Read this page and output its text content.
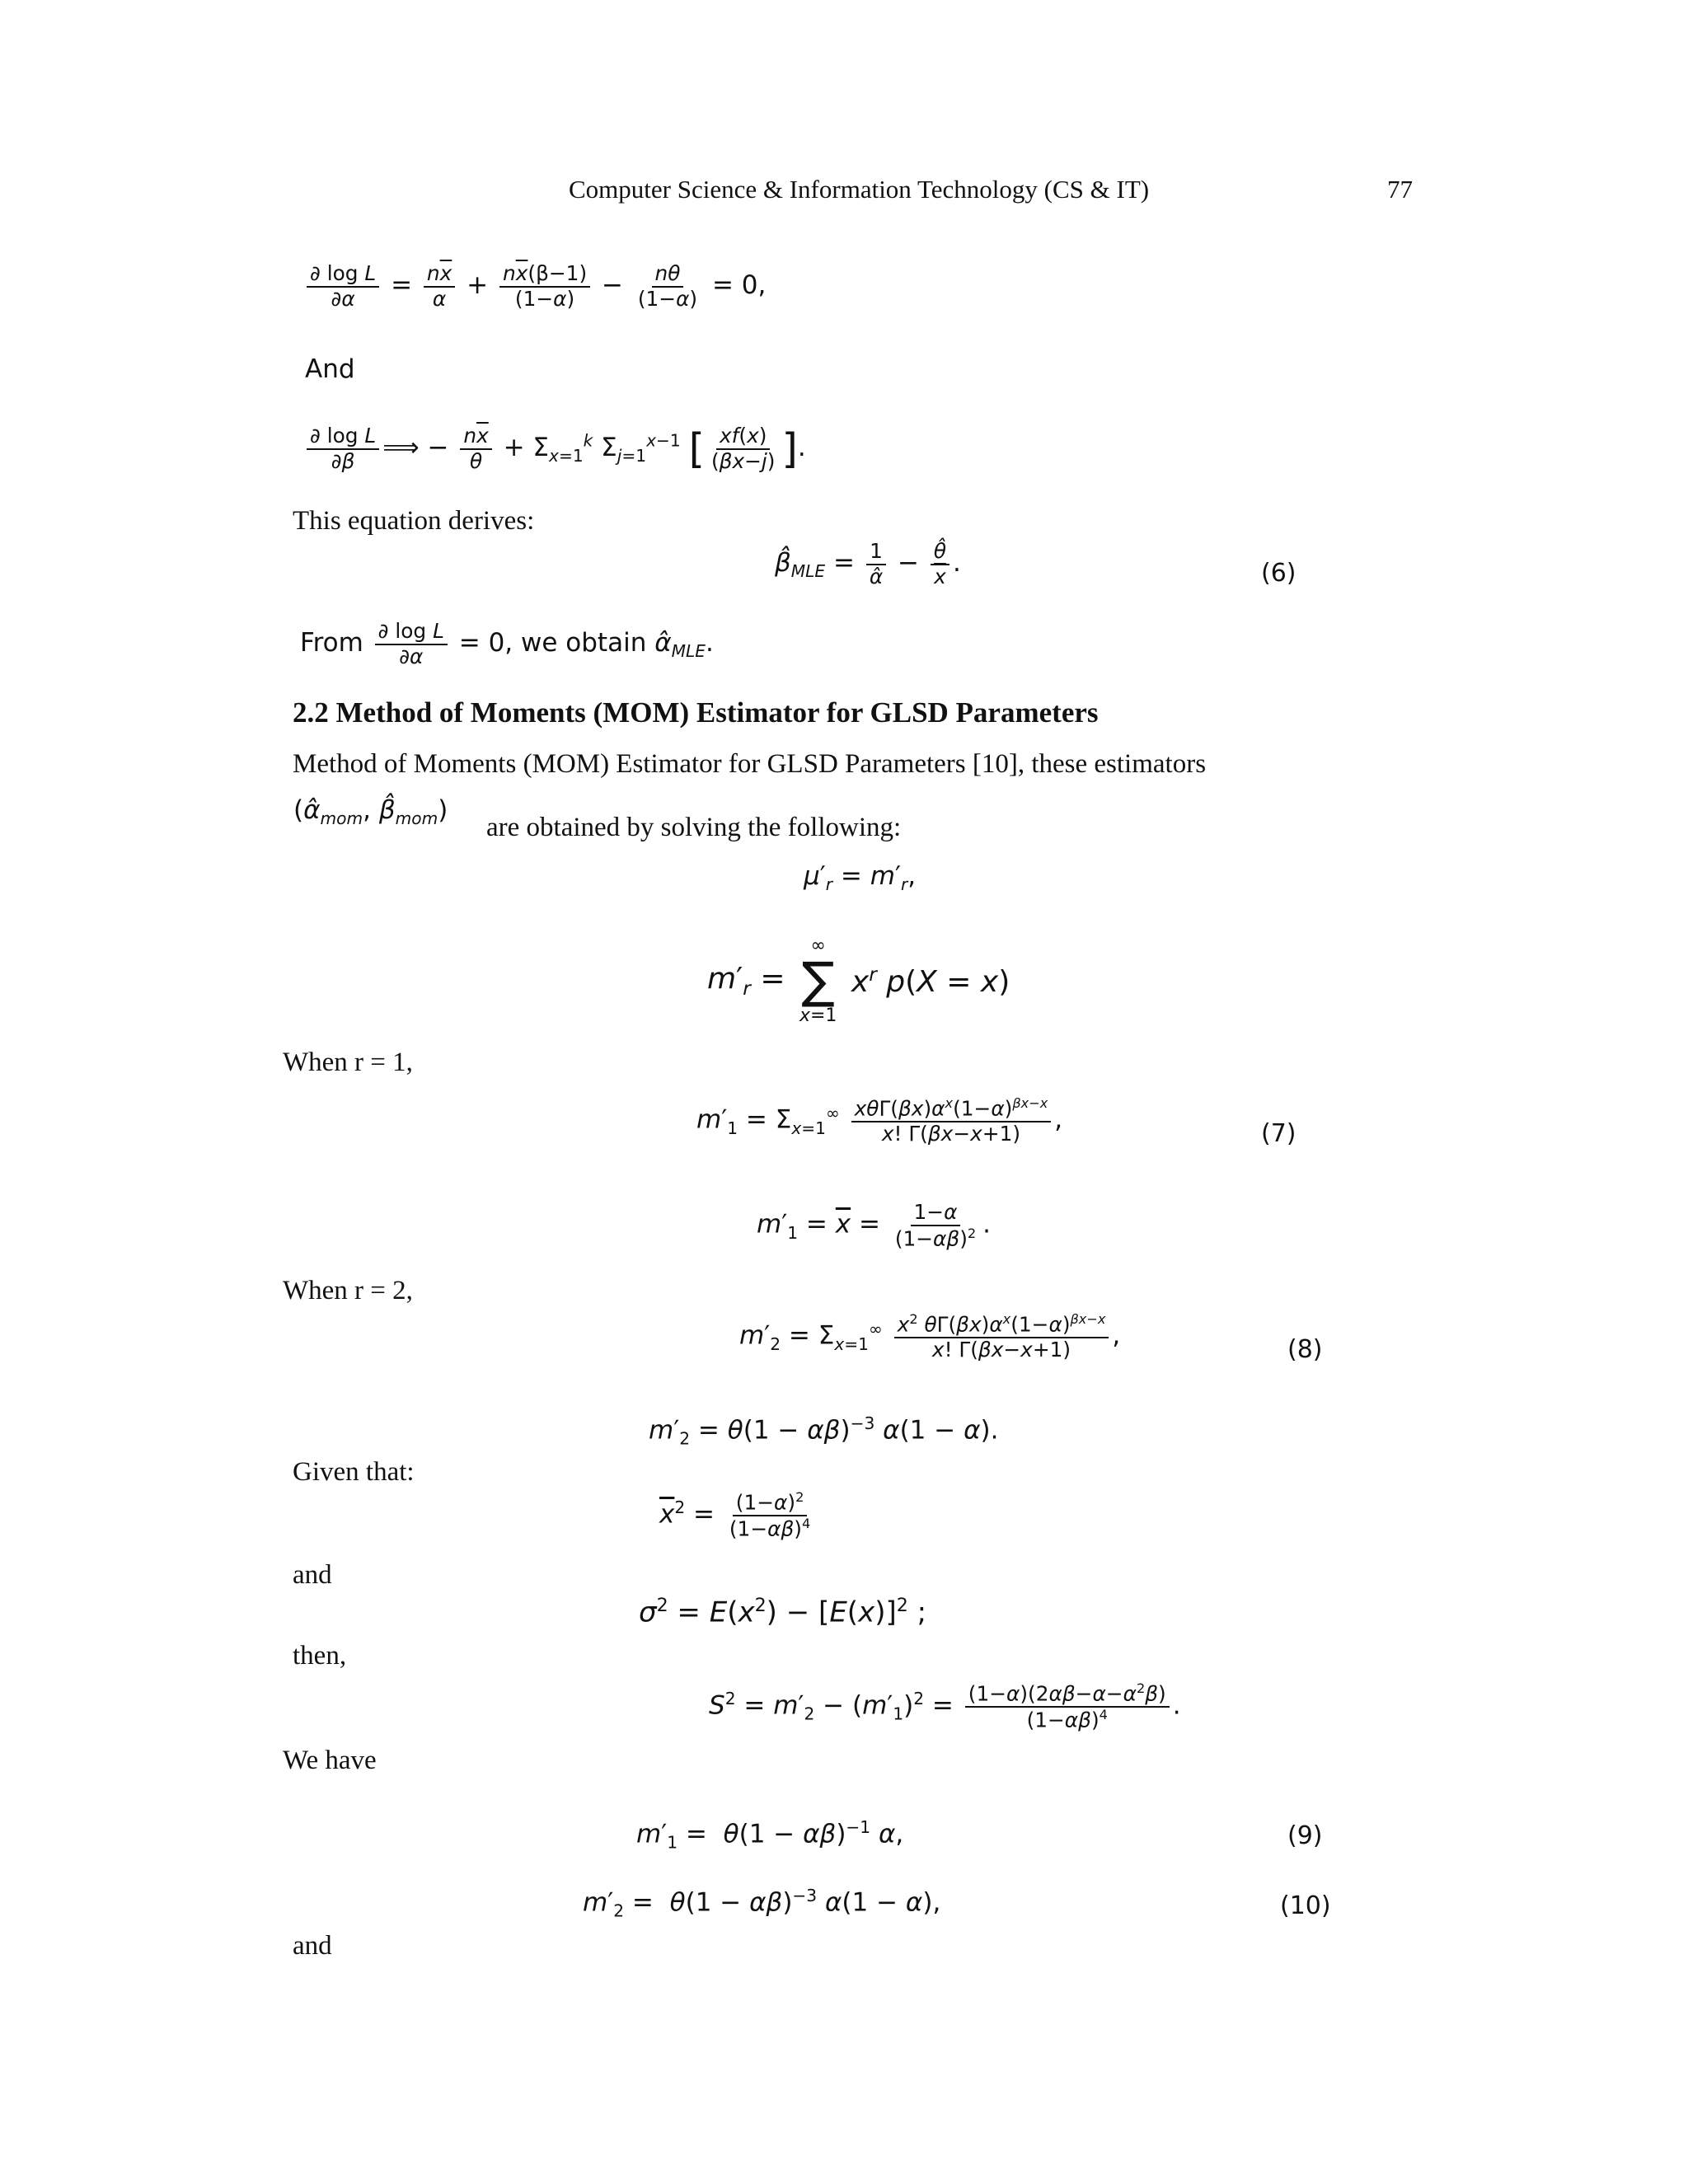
Computer Science & Information Technology (CS & IT)	77
$\frac{\text{∂ log L}}{\partial\alpha} = \frac{n\overline{x}}{\alpha} + \frac{n\overline{x}(\beta-1)}{(1-\alpha)} - \frac{n\theta}{(1-\alpha)} = 0$,
And
$\frac{\text{∂ log L}}{\partial\beta}$ ⟹ − $\frac{n\overline{x}}{\theta} + \Sigma_{x=1}^k$ $\Sigma_{j=1}^{x-1}$ [ $\frac{xf(x)}{(\beta x-j)}$ ].
This equation derives:
$\betâ_{MLE} = \frac{1}{\alphâ} - \frac{\thetâ}{x}$ .	(6)
From $\frac{\text{∂ log L}}{\partial\alpha} = 0$, we obtain $\alphâ_{MLE}$.
2.2 Method of Moments (MOM) Estimator for GLSD Parameters
Method of Moments (MOM) Estimator for GLSD Parameters [10], these estimators
($\alphâ_{mom}$, $\betâ_{mom}$)
are obtained by solving the following:
$\mu'_r = m'_r$,
$m'_r$ =
∞
∑
x=1
$x^r$ p(X = x)
When r = 1,
$m'_1 = \Sigma_{x=1}^\infty \frac{x\theta\Gamma(\beta x)\alpha^x(1-\alpha)^{\beta x-x}}{x! \Gamma(\beta x-x+1)}$ ,	(7)
$m'_1 = \overline{x} = \frac{1-\alpha}{(1-\alpha\beta)^2}$ .
When r = 2,
$m'_2 = \Sigma_{x=1}^\infty \frac{x^2 \theta\Gamma(\beta x)\alpha^x(1-\alpha)^{\beta x-x}}{x! \Gamma(\beta x-x+1)}$ ,	(8)
$m'_2 = \theta(1 - \alpha\beta)^{-3}$ α(1 − α).
Given that:
$\overline{x}^2 = \frac{(1-\alpha)^2}{(1-\alpha\beta)^4}$
and
$\sigma^2 = E(x^2) - [E(x)]^2$ ;
then,
$S^2 = m'_2 - (m'_1)^2 = \frac{(1-\alpha)(2\alpha\beta-\alpha-\alpha^2\beta)}{(1-\alpha\beta)^4}$ .
We have
$m'_1 = \theta(1 - \alpha\beta)^{-1}$ α,	(9)
$m'_2 = \theta(1 - \alpha\beta)^{-3}$ α(1 − α),	(10)
and
